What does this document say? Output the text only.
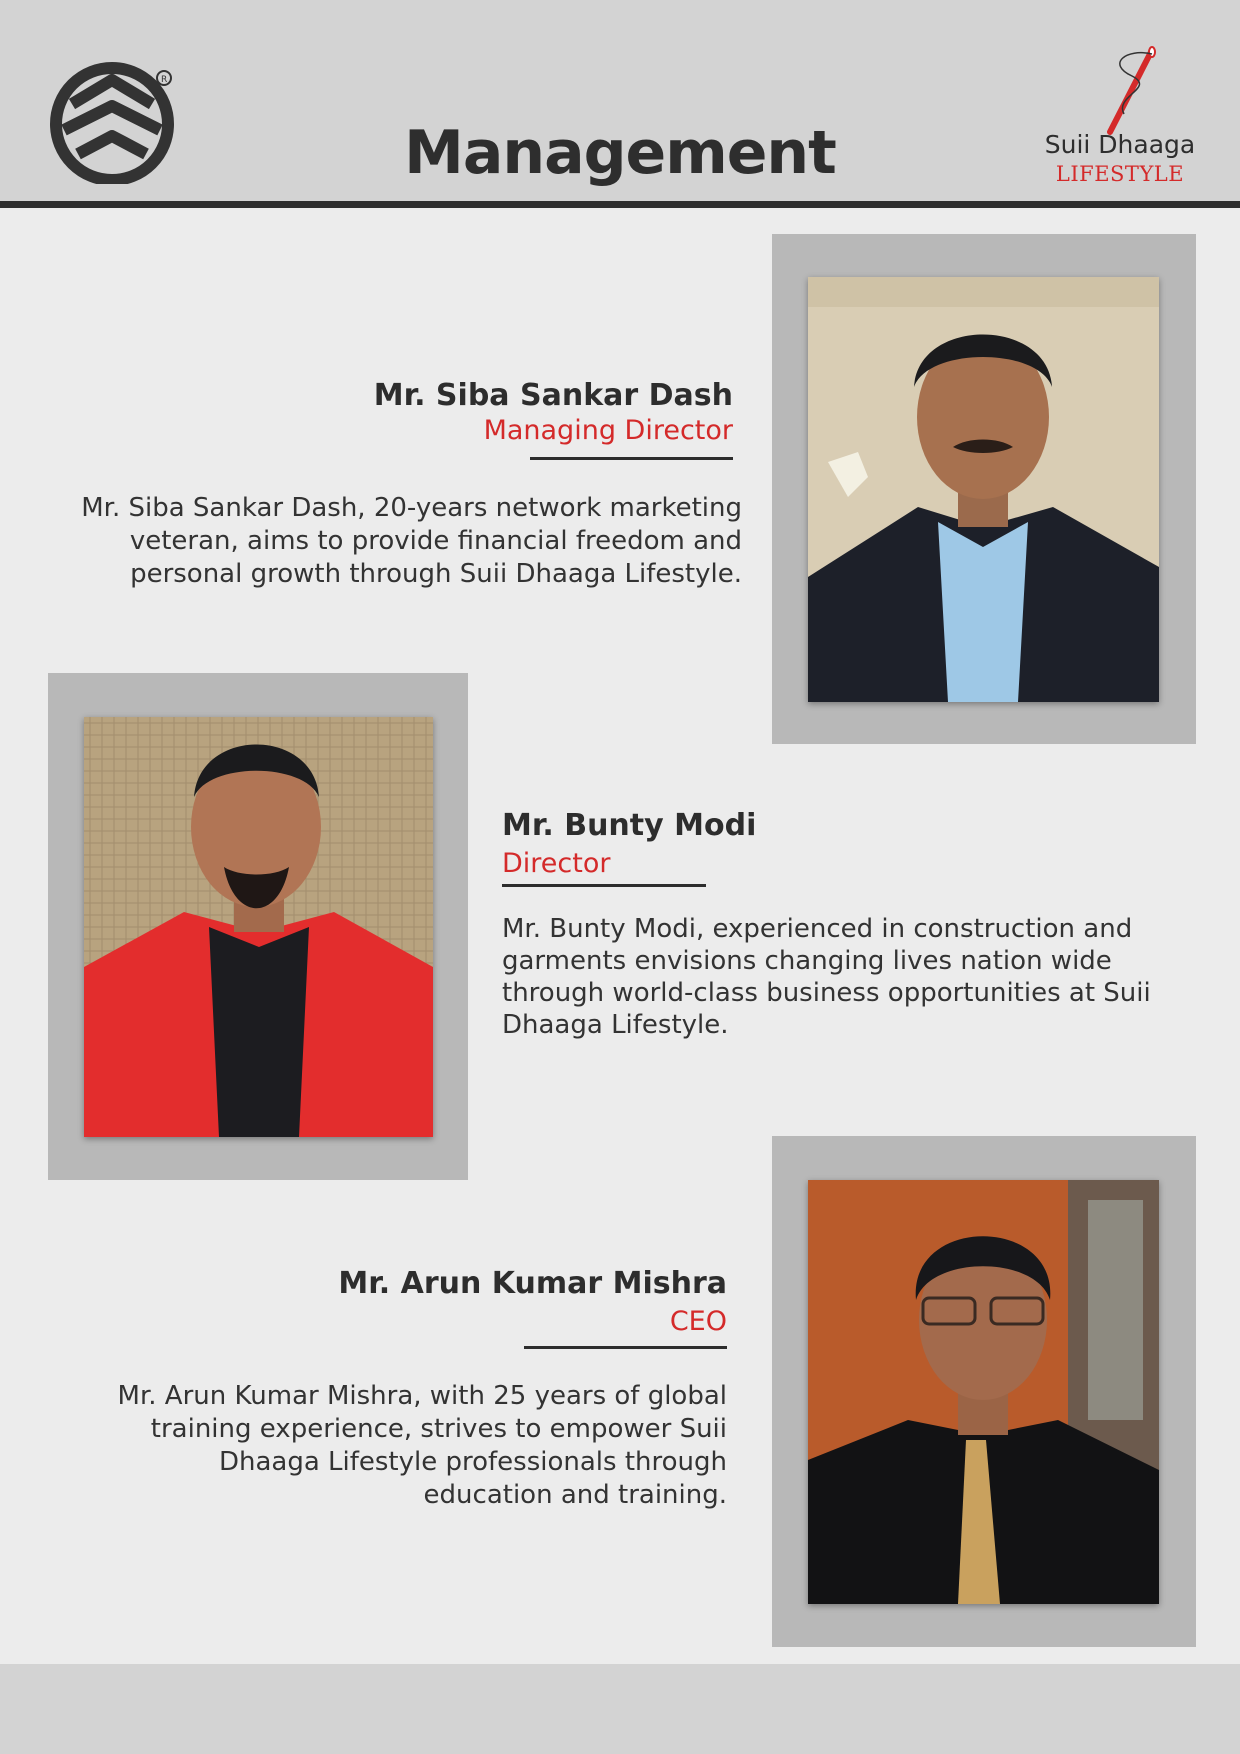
R
Management	Suii Dhaaga
LIFESTYLE
Mr. Siba Sankar Dash
Managing Director
Mr. Siba Sankar Dash, 20-years network marketing veteran, aims to provide financial freedom and personal growth through Suii Dhaaga Lifestyle.
Mr. Bunty Modi
Director
Mr. Bunty Modi, experienced in construction and garments envisions changing lives nation wide through world-class business opportunities at Suii Dhaaga Lifestyle.
Mr. Arun Kumar Mishra
CEO
Mr. Arun Kumar Mishra, with 25 years of global training experience, strives to empower Suii Dhaaga Lifestyle professionals through education and training.
